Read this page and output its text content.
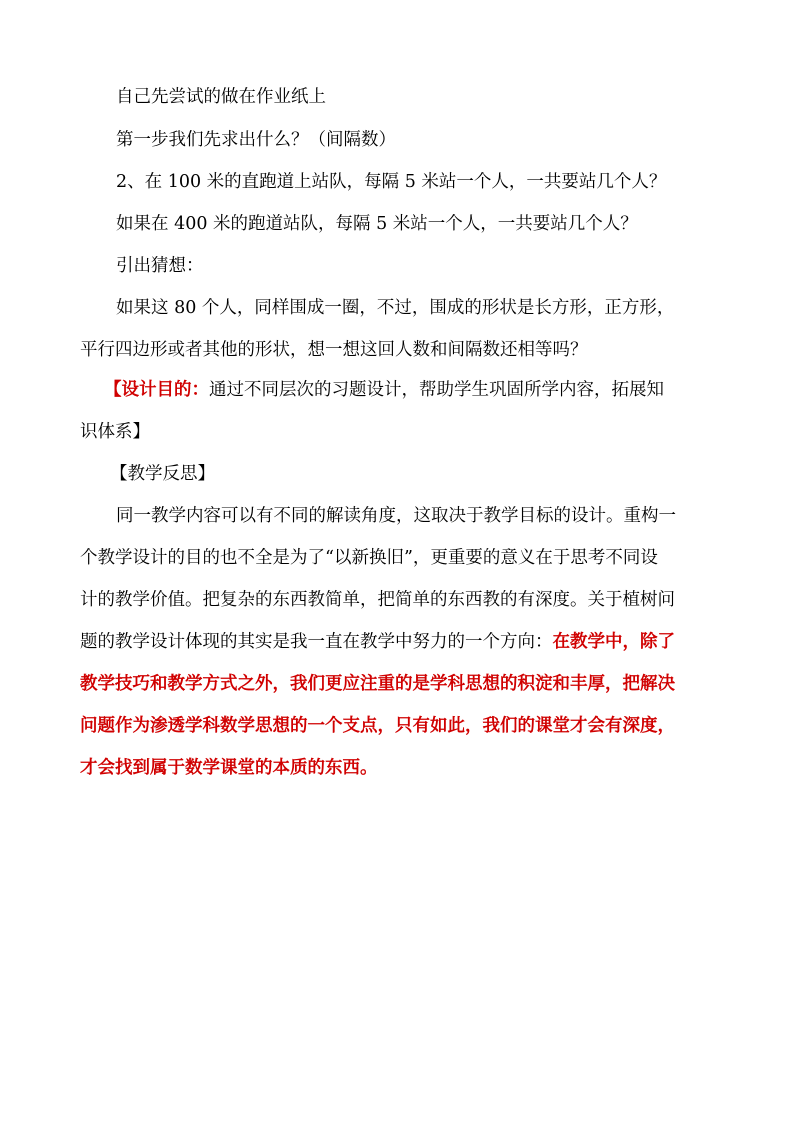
自己先尝试的做在作业纸上
第一步我们先求出什么？（间隔数）
2、在 100 米的直跑道上站队，每隔 5 米站一个人，一共要站几个人？
如果在 400 米的跑道站队，每隔 5 米站一个人，一共要站几个人？
引出猜想：
如果这 80 个人，同样围成一圈，不过，围成的形状是长方形，正方形，
平行四边形或者其他的形状，想一想这回人数和间隔数还相等吗？
【设计目的：通过不同层次的习题设计，帮助学生巩固所学内容，拓展知
识体系】
【教学反思】
同一教学内容可以有不同的解读角度，这取决于教学目标的设计。重构一
个教学设计的目的也不全是为了“以新换旧”，更重要的意义在于思考不同设
计的教学价值。把复杂的东西教简单，把简单的东西教的有深度。关于植树问
题的教学设计体现的其实是我一直在教学中努力的一个方向：在教学中，除了
教学技巧和教学方式之外，我们更应注重的是学科思想的积淀和丰厚，把解决
问题作为渗透学科数学思想的一个支点，只有如此，我们的课堂才会有深度，
才会找到属于数学课堂的本质的东西。
